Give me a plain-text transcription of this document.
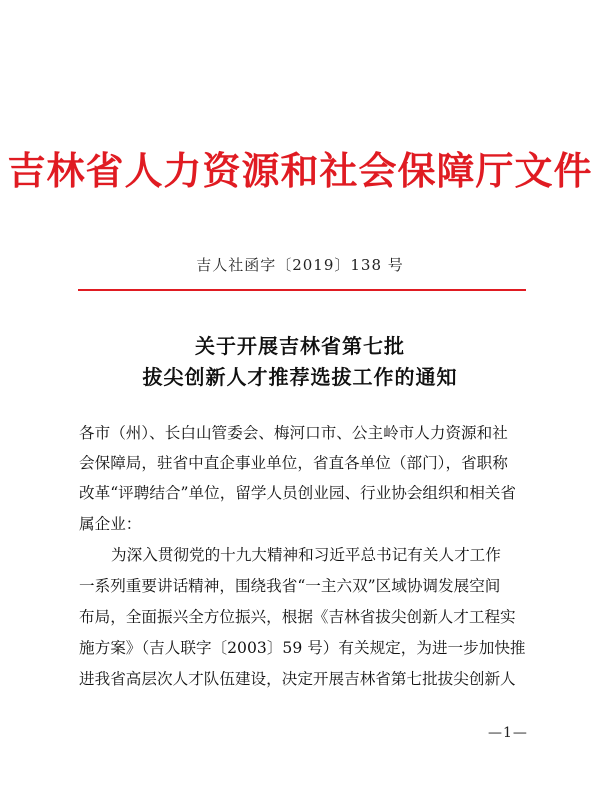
吉林省人力资源和社会保障厅文件
吉人社函字〔2019〕138 号
关于开展吉林省第七批
拔尖创新人才推荐选拔工作的通知
各市（州）、长白山管委会、梅河口市、公主岭市人力资源和社
会保障局，驻省中直企事业单位，省直各单位（部门），省职称
改革“评聘结合”单位，留学人员创业园、行业协会组织和相关省
属企业：
为深入贯彻党的十九大精神和习近平总书记有关人才工作
一系列重要讲话精神，围绕我省“一主六双”区域协调发展空间
布局，全面振兴全方位振兴，根据《吉林省拔尖创新人才工程实
施方案》（吉人联字〔2003〕59 号）有关规定，为进一步加快推
进我省高层次人才队伍建设，决定开展吉林省第七批拔尖创新人
—1—
